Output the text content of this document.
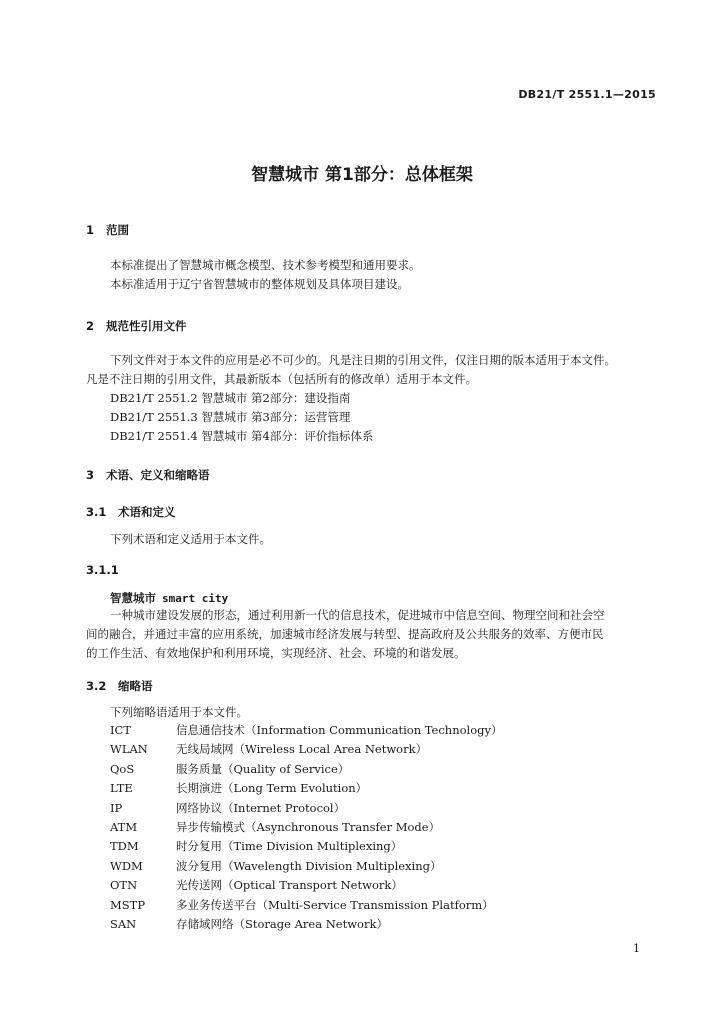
DB21/T 2551.1—2015
智慧城市 第1部分：总体框架
1 范围
本标准提出了智慧城市概念模型、技术参考模型和通用要求。
本标准适用于辽宁省智慧城市的整体规划及具体项目建设。
2 规范性引用文件
下列文件对于本文件的应用是必不可少的。凡是注日期的引用文件，仅注日期的版本适用于本文件。
凡是不注日期的引用文件，其最新版本（包括所有的修改单）适用于本文件。
DB21/T 2551.2 智慧城市 第2部分：建设指南
DB21/T 2551.3 智慧城市 第3部分：运营管理
DB21/T 2551.4 智慧城市 第4部分：评价指标体系
3 术语、定义和缩略语
3.1 术语和定义
下列术语和定义适用于本文件。
3.1.1
智慧城市 smart city
一种城市建设发展的形态，通过利用新一代的信息技术，促进城市中信息空间、物理空间和社会空
间的融合，并通过丰富的应用系统，加速城市经济发展与转型、提高政府及公共服务的效率、方便市民
的工作生活、有效地保护和利用环境，实现经济、社会、环境的和谐发展。
3.2 缩略语
下列缩略语适用于本文件。
ICT	信息通信技术（Information Communication Technology）
WLAN 无线局域网（Wireless Local Area Network）
QoS	服务质量（Quality of Service）
LTE	长期演进（Long Term Evolution）
IP	网络协议（Internet Protocol）
ATM	异步传输模式（Asynchronous Transfer Mode）
TDM	时分复用（Time Division Multiplexing）
WDM	波分复用（Wavelength Division Multiplexing）
OTN	光传送网（Optical Transport Network）
MSTP	多业务传送平台（Multi-Service Transmission Platform）
SAN	存储域网络（Storage Area Network）
1
